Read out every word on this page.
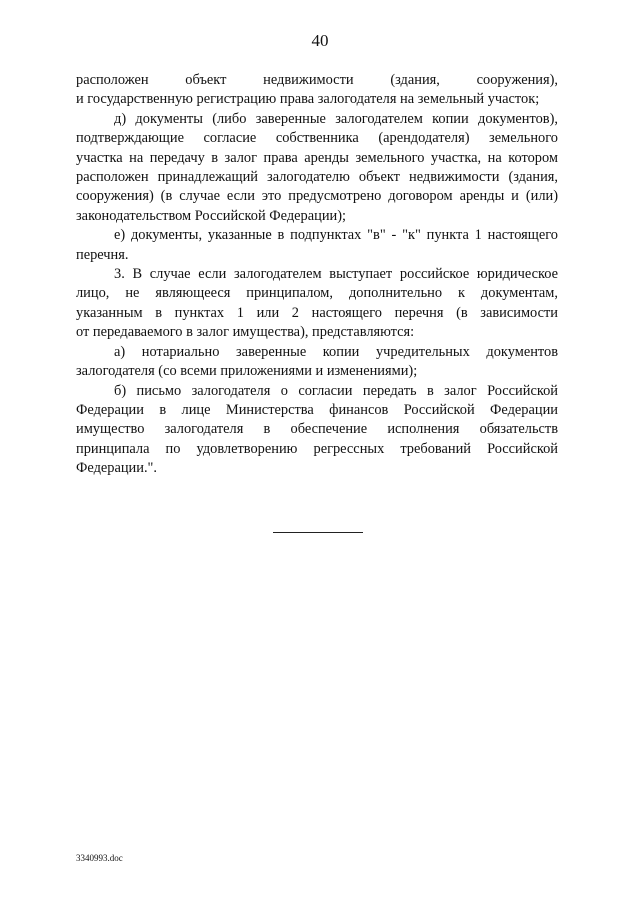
40
расположен объект недвижимости (здания, сооружения),
и государственную регистрацию права залогодателя на земельный участок;
д) документы (либо заверенные залогодателем копии документов),
подтверждающие согласие собственника (арендодателя) земельного
участка на передачу в залог права аренды земельного участка, на котором
расположен принадлежащий залогодателю объект недвижимости (здания,
сооружения) (в случае если это предусмотрено договором аренды и (или)
законодательством Российской Федерации);
е) документы, указанные в подпунктах "в" - "к" пункта 1 настоящего
перечня.
3. В случае если залогодателем выступает российское юридическое
лицо, не являющееся принципалом, дополнительно к документам,
указанным в пунктах 1 или 2 настоящего перечня (в зависимости
от передаваемого в залог имущества), представляются:
а) нотариально заверенные копии учредительных документов
залогодателя (со всеми приложениями и изменениями);
б) письмо залогодателя о согласии передать в залог Российской
Федерации в лице Министерства финансов Российской Федерации
имущество залогодателя в обеспечение исполнения обязательств
принципала по удовлетворению регрессных требований Российской
Федерации.".
3340993.doc
